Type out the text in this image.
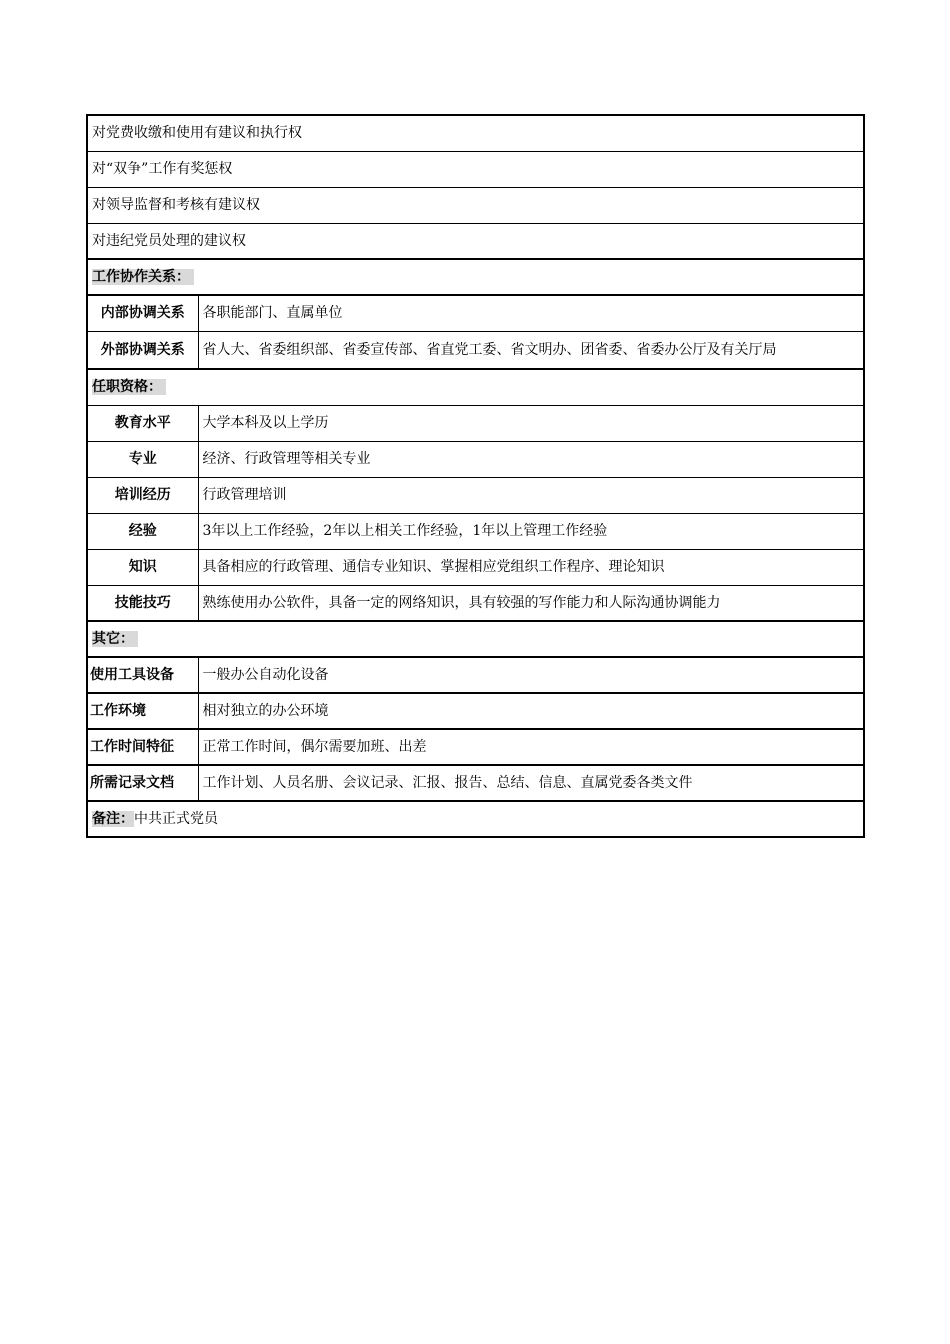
对党费收缴和使用有建议和执行权	
对“双争”工作有奖惩权	
对领导监督和考核有建议权	
对违纪党员处理的建议权	
工作协作关系：	
内部协调关系	各职能部门、直属单位
外部协调关系	省人大、省委组织部、省委宣传部、省直党工委、省文明办、团省委、省委办公厅及有关厅局
任职资格：	
教育水平	大学本科及以上学历
专业	经济、行政管理等相关专业
培训经历	行政管理培训
经验	3年以上工作经验，2年以上相关工作经验，1年以上管理工作经验
知识	具备相应的行政管理、通信专业知识、掌握相应党组织工作程序、理论知识
技能技巧	熟练使用办公软件，具备一定的网络知识，具有较强的写作能力和人际沟通协调能力
其它：	
使用工具设备	一般办公自动化设备
工作环境	相对独立的办公环境
工作时间特征	正常工作时间，偶尔需要加班、出差
所需记录文档	工作计划、人员名册、会议记录、汇报、报告、总结、信息、直属党委各类文件
备注：中共正式党员	
